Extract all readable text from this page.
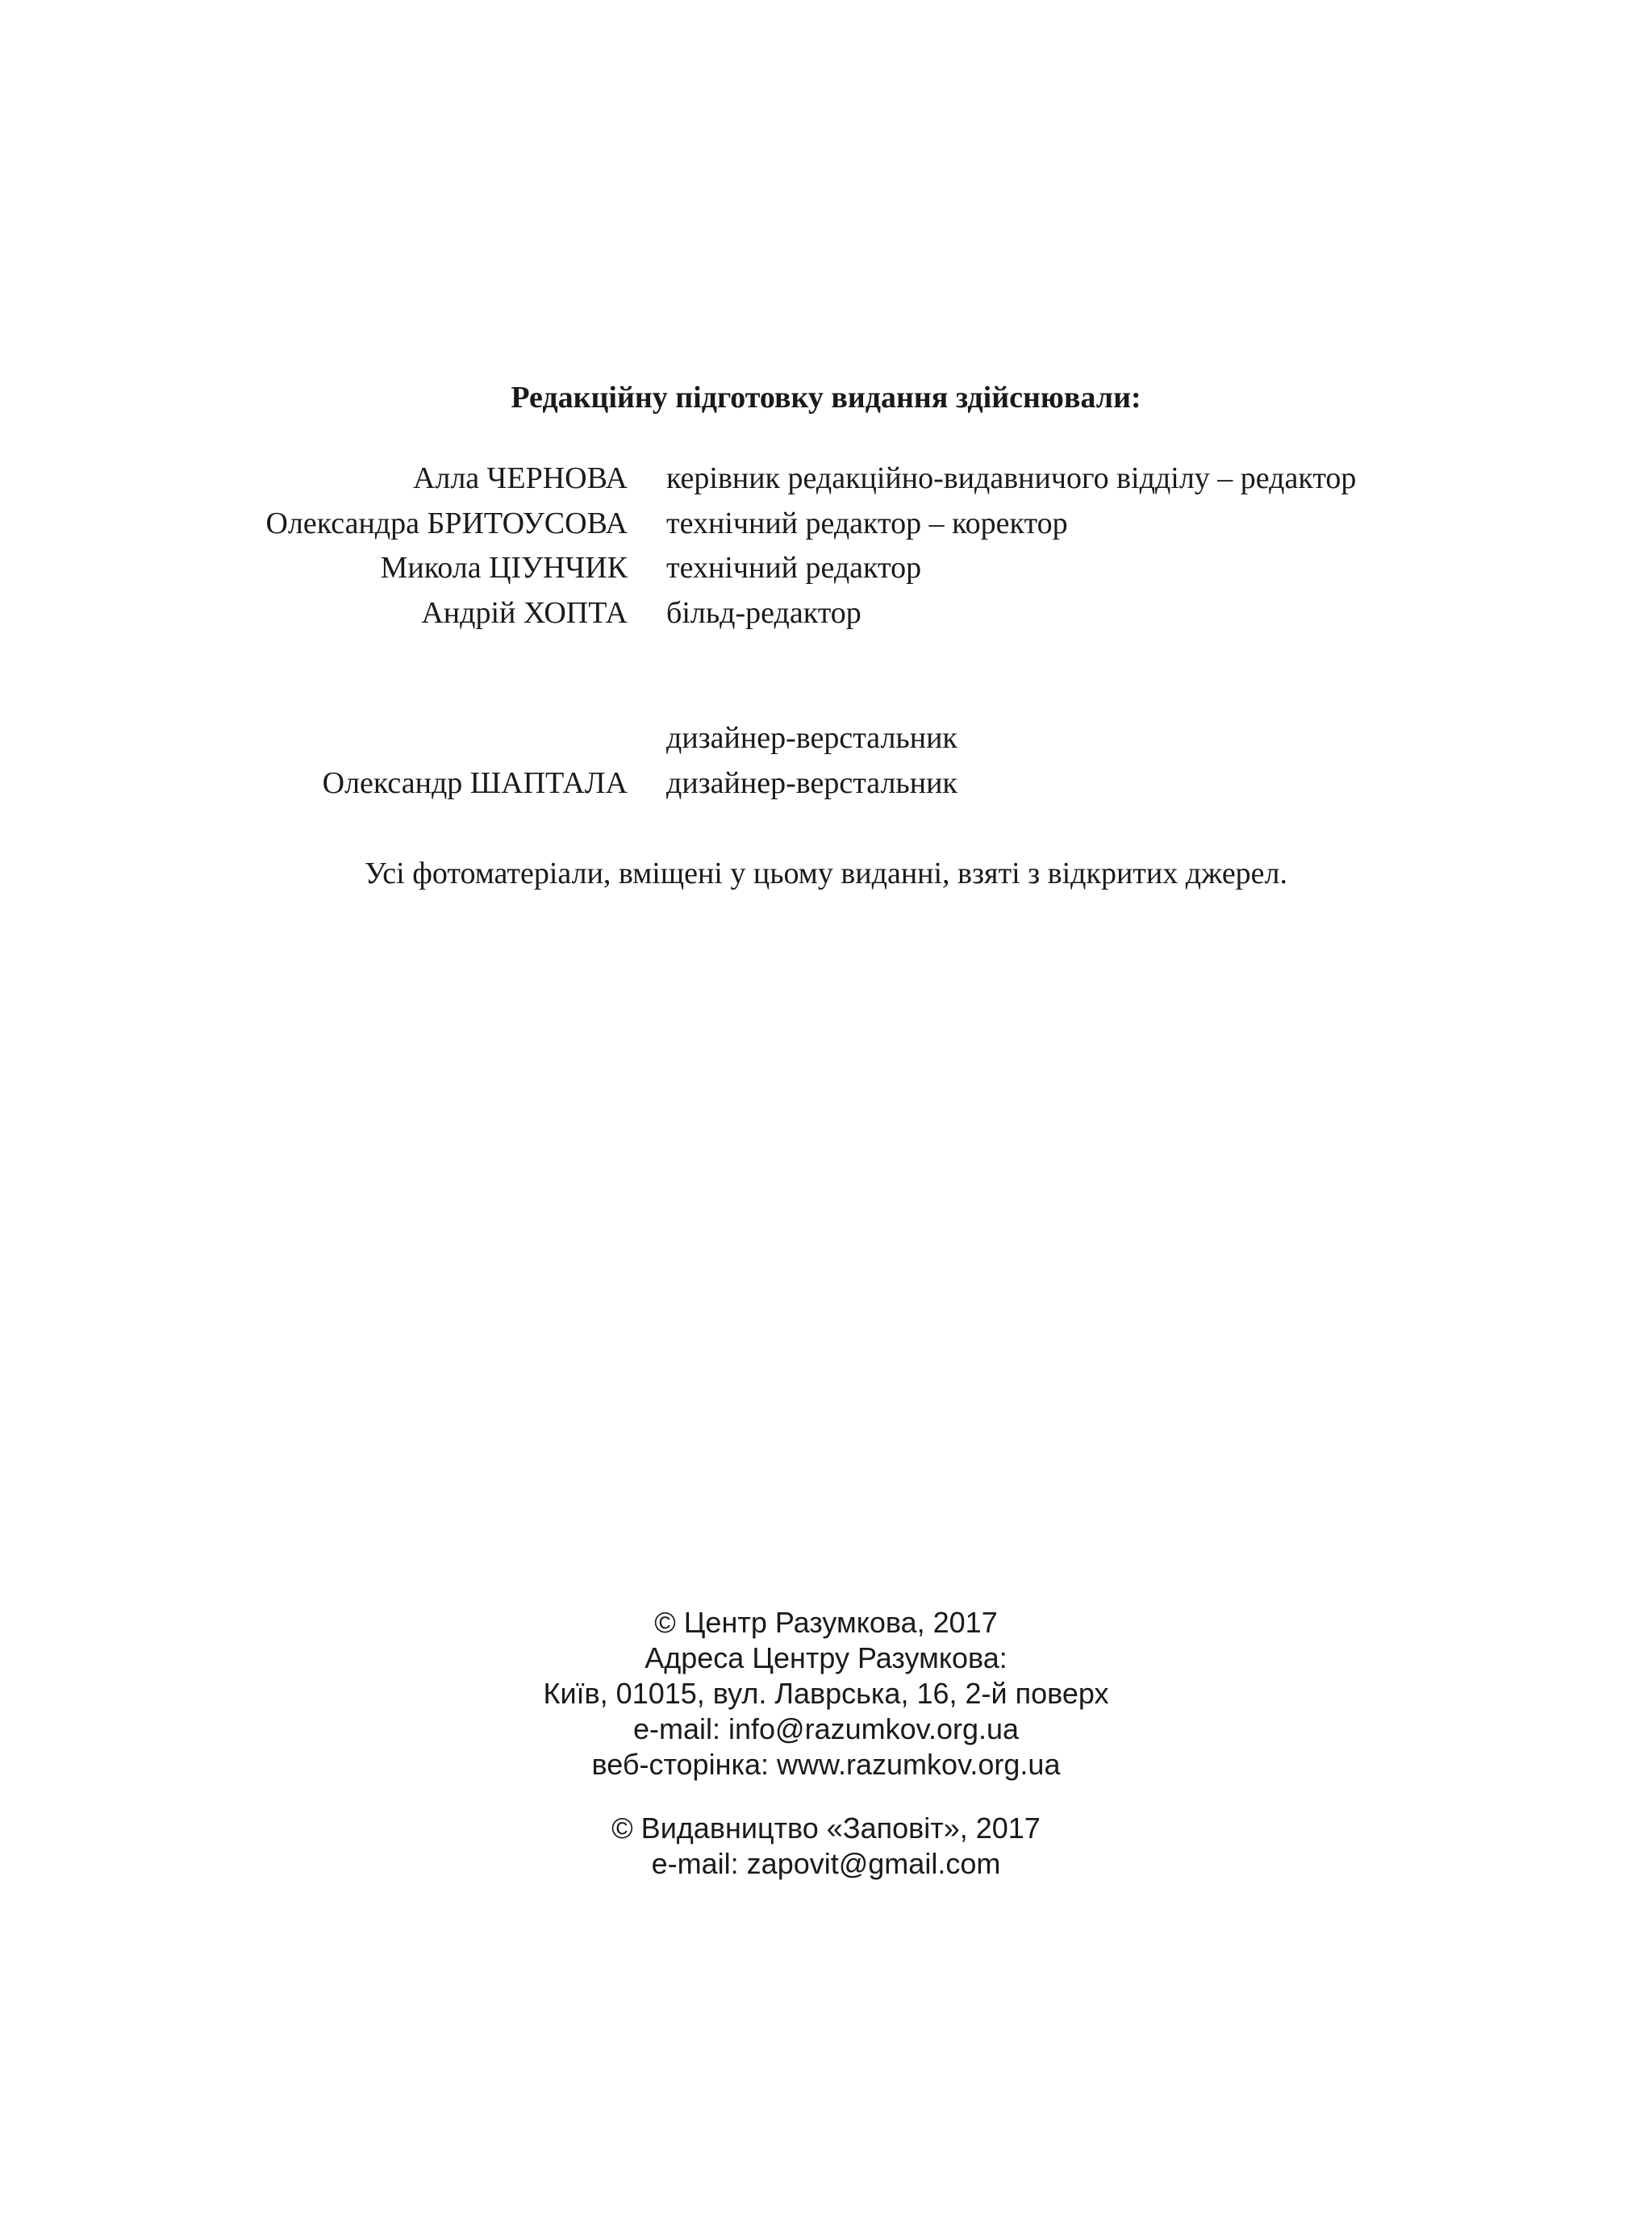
Редакційну підготовку видання здійснювали:
Алла ЧЕРНОВА керівник редакційно-видавничого відділу – редактор
Олександра БРИТОУСОВА технічний редактор – коректор
Микола ЦІУНЧИК технічний редактор
Андрій ХОПТА більд-редактор
дизайнер-верстальник
Олександр ШАПТАЛА дизайнер-верстальник
Усі фотоматеріали, вміщені у цьому виданні, взяті з відкритих джерел.
© Центр Разумкова, 2017
Адреса Центру Разумкова:
Київ, 01015, вул. Лаврська, 16, 2-й поверх
e-mail: info@razumkov.org.ua
веб-сторінка: www.razumkov.org.ua
© Видавництво «Заповіт», 2017
e-mail: zapovit@gmail.com
